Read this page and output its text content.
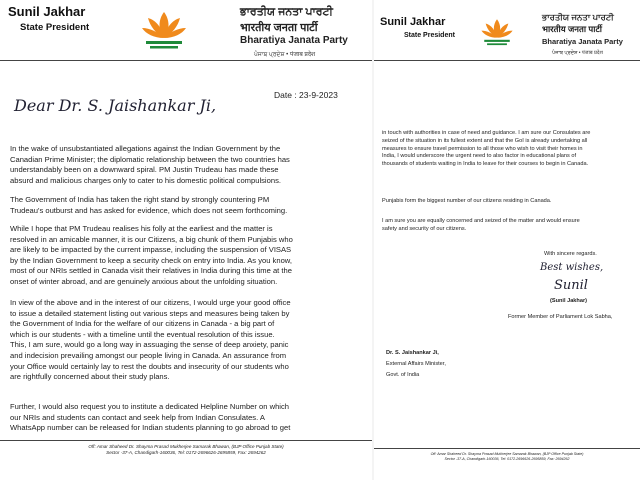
Sunil Jakhar
State President
ਭਾਰਤੀਯ ਜਨਤਾ ਪਾਰਟੀ
भारतीय जनता पार्टी
Bharatiya Janata Party
ਪੰਜਾਬ ਪ੍ਰਦੇਸ਼ • पंजाब प्रदेश
Date : 23-9-2023
Dear Dr. S. Jaishankar Ji,
In the wake of unsubstantiated allegations against the Indian Government by the
Canadian Prime Minister; the diplomatic relationship between the two countries has
understandably been on a downward spiral. PM Justin Trudeau has made these
absurd and malicious charges only to cater to his domestic political compulsions.
The Government of India has taken the right stand by strongly countering PM
Trudeau's outburst and has asked for evidence, which does not seem forthcoming.
While I hope that PM Trudeau realises his folly at the earliest and the matter is
resolved in an amicable manner, it is our Citizens, a big chunk of them Punjabis who
are likely to be impacted by the current impasse, including the suspension of VISAS
by the Indian Government to keep a security check on entry into India. As you know,
most of our NRIs settled in Canada visit their relatives in India during this time at the
onset of winter abroad, and are genuinely anxious about the unfolding situation.
In view of the above and in the interest of our citizens, I would urge your good office
to issue a detailed statement listing out various steps and measures being taken by
the Government of India for the welfare of our citizens in Canada - a big part of
which is our students - with a timeline until the eventual resolution of this issue.
This, I am sure, would go a long way in assuaging the sense of deep anxiety, panic
and indecision prevailing amongst our people living in Canada. An assurance from
your Office would certainly lay to rest the doubts and insecurity of our students who
are rightfully concerned about their study plans.
Further, I would also request you to institute a dedicated Helpline Number on which
our NRIs and students can contact and seek help from Indian Consulates. A
WhatsApp number can be released for Indian students planning to go abroad to get
Off: Amar Shaheed Dr. Shayma Prasad Mukherjee Samarak Bhawan, (BJP Office Punjab State)
Sector -37-A, Chandigarh-160036, Tel: 0172-2696626-2695859, Fax: 2694262
Sunil Jakhar
State President
ਭਾਰਤੀਯ ਜਨਤਾ ਪਾਰਟੀ
भारतीय जनता पार्टी
Bharatiya Janata Party
ਪੰਜਾਬ ਪ੍ਰਦੇਸ਼ • पंजाब प्रदेश
in touch with authorities in case of need and guidance. I am sure our Consulates are
seized of the situation in its fullest extent and that the GoI is already undertaking all
measures to ensure travel permission to all those who wish to visit their homes in
India, I would underscore the urgent need to also factor in educational plans of
thousands of students waiting in India to leave for their courses to begin in Canada.
Punjabis form the biggest number of our citizens residing in Canada.
I am sure you are equally concerned and seized of the matter and would ensure
safety and security of our citizens.
With sincere regards.
Best wishes,
Sunil
(Sunil Jakhar)
Former Member of Parliament Lok Sabha,
Dr. S. Jaishankar Ji,
External Affairs Minister,
Govt. of India
Off: Amar Shaheed Dr. Shayma Prasad Mukherjee Samarak Bhawan, (BJP Office Punjab State)
Sector -37-A, Chandigarh-160036, Tel: 0172-2696626-2695859, Fax: 2694262
